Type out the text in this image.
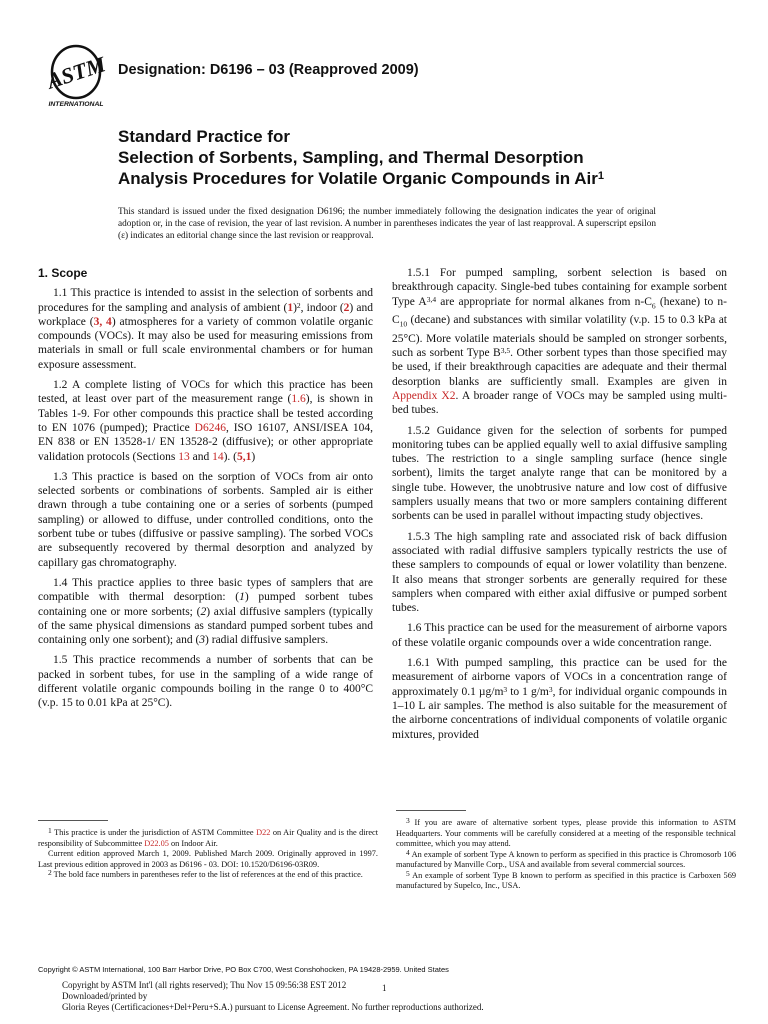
ASTM
INTERNATIONAL
Designation: D6196 – 03 (Reapproved 2009)
Standard Practice for
Selection of Sorbents, Sampling, and Thermal Desorption
Analysis Procedures for Volatile Organic Compounds in Air$^1$
This standard is issued under the fixed designation D6196; the number immediately following the designation indicates the year of original adoption or, in the case of revision, the year of last revision. A number in parentheses indicates the year of last reapproval. A superscript epsilon (ε) indicates an editorial change since the last revision or reapproval.
1. Scope

1.1 This practice is intended to assist in the selection of sorbents and procedures for the sampling and analysis of ambient $(1)^2$, indoor (2) and workplace (3, 4) atmospheres for a variety of common volatile organic compounds (VOCs). It may also be used for measuring emissions from materials in small or full scale environmental chambers or for human exposure assessment.

1.2 A complete listing of VOCs for which this practice has been tested, at least over part of the measurement range (1.6), is shown in Tables 1-9. For other compounds this practice shall be tested according to EN 1076 (pumped); Practice D6246, ISO 16107, ANSI/ISEA 104, EN 838 or EN 13528-1/ EN 13528-2 (diffusive); or other appropriate validation protocols (Sections 13 and 14). (5,1)

1.3 This practice is based on the sorption of VOCs from air onto selected sorbents or combinations of sorbents. Sampled air is either drawn through a tube containing one or a series of sorbents (pumped sampling) or allowed to diffuse, under controlled conditions, onto the sorbent tube or tubes (diffusive or passive sampling). The sorbed VOCs are subsequently recovered by thermal desorption and analyzed by capillary gas chromatography.

1.4 This practice applies to three basic types of samplers that are compatible with thermal desorption: (1) pumped sorbent tubes containing one or more sorbents; (2) axial diffusive samplers (typically of the same physical dimensions as standard pumped sorbent tubes and containing only one sorbent); and (3) radial diffusive samplers.

1.5 This practice recommends a number of sorbents that can be packed in sorbent tubes, for use in the sampling of a wide range of different volatile organic compounds boiling in the range 0 to 400°C (v.p. 15 to 0.01 kPa at 25°C).

1.5.1 For pumped sampling, sorbent selection is based on breakthrough capacity. Single-bed tubes containing for example sorbent Type A$^{3,4}$ are appropriate for normal alkanes from $n-C_6$ (hexane) to $n-C_{10}$ (decane) and substances with similar volatility (v.p. 15 to 0.3 kPa at 25°C). More volatile materials should be sampled on stronger sorbents, such as sorbent Type B$^{3,5}$. Other sorbent types than those specified may be used, if their breakthrough capacities are adequate and their thermal desorption blanks are sufficiently small. Examples are given in Appendix X2. A broader range of VOCs may be sampled using multi-bed tubes.

1.5.2 Guidance given for the selection of sorbents for pumped monitoring tubes can be applied equally well to axial diffusive sampling tubes. The restriction to a single sampling surface (hence single sorbent), limits the target analyte range that can be monitored by a single tube. However, the unobtrusive nature and low cost of diffusive samplers usually means that two or more samplers containing different sorbents can be used in parallel without impacting study objectives.

1.5.3 The high sampling rate and associated risk of back diffusion associated with radial diffusive samplers typically restricts the use of these samplers to compounds of equal or lower volatility than benzene. It also means that stronger sorbents are generally required for these samplers when compared with either axial diffusive or pumped sorbent tubes.

1.6 This practice can be used for the measurement of airborne vapors of these volatile organic compounds over a wide concentration range.

1.6.1 With pumped sampling, this practice can be used for the measurement of airborne vapors of VOCs in a concentration range of approximately 0.1 $\mu g/m^3$ to 1 $g/m^3$, for individual organic compounds in 1–10 L air samples. The method is also suitable for the measurement of the airborne concentrations of individual components of volatile organic mixtures, provided

$^1$ This practice is under the jurisdiction of ASTM Committee D22 on Air Quality and is the direct responsibility of Subcommittee D22.05 on Indoor Air.

Current edition approved March 1, 2009. Published March 2009. Originally approved in 1997. Last previous edition approved in 2003 as D6196 - 03. DOI: 10.1520/D6196-03R09.

$^2$ The bold face numbers in parentheses refer to the list of references at the end of this practice.

$^3$ If you are aware of alternative sorbent types, please provide this information to ASTM Headquarters. Your comments will be carefully considered at a meeting of the responsible technical committee, which you may attend.

$^4$ An example of sorbent Type A known to perform as specified in this practice is Chromosorb 106 manufactured by Manville Corp., USA and available from several commercial sources.

$^5$ An example of sorbent Type B known to perform as specified in this practice is Carboxen 569 manufactured by Supelco, Inc., USA.

Copyright © ASTM International, 100 Barr Harbor Drive, PO Box C700, West Conshohocken, PA 19428-2959. United States
Copyright by ASTM Int'l (all rights reserved); Thu Nov 15 09:56:38 EST 2012
Downloaded/printed by
Gloria Reyes (Certificaciones+Del+Peru+S.A.) pursuant to License Agreement. No further reproductions authorized.
1
